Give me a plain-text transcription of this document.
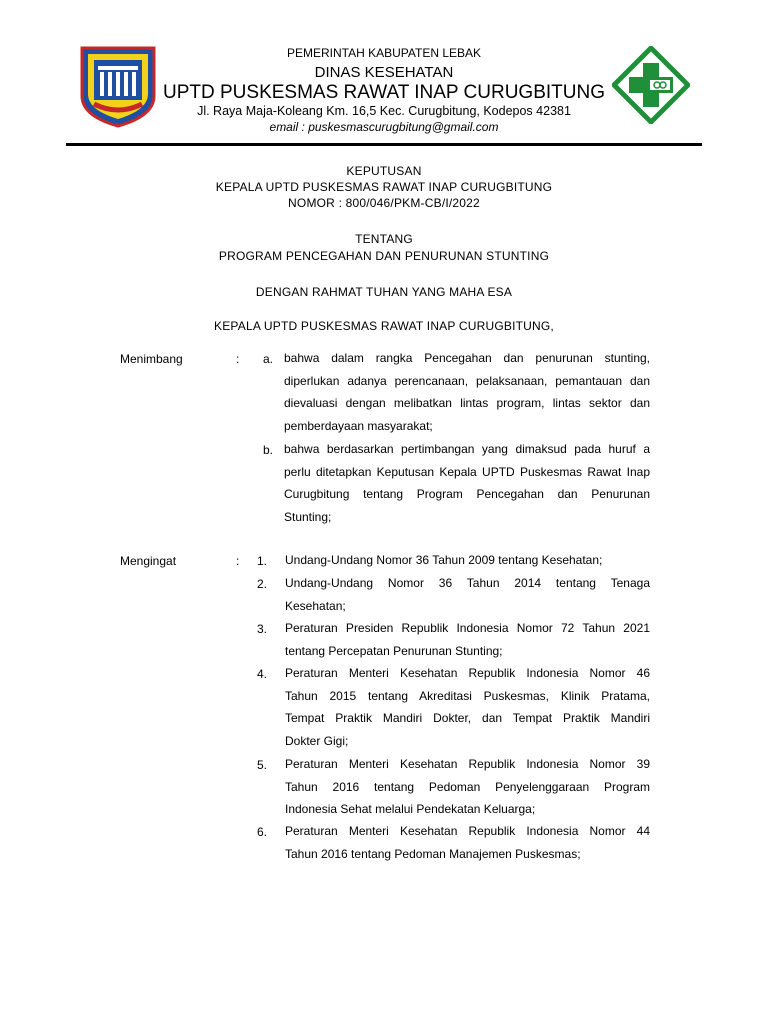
PEMERINTAH KABUPATEN LEBAK
DINAS KESEHATAN
UPTD PUSKESMAS RAWAT INAP CURUGBITUNG
Jl. Raya Maja-Koleang Km. 16,5 Kec. Curugbitung, Kodepos 42381
email : puskesmascurugbitung@gmail.com
KEPUTUSAN
KEPALA UPTD PUSKESMAS RAWAT INAP CURUGBITUNG
NOMOR : 800/046/PKM-CB/I/2022
TENTANG
PROGRAM PENCEGAHAN DAN PENURUNAN STUNTING
DENGAN RAHMAT TUHAN YANG MAHA ESA
KEPALA UPTD PUSKESMAS RAWAT INAP CURUGBITUNG,
Menimbang	: a. bahwa dalam rangka Pencegahan dan penurunan stunting,
diperlukan adanya perencanaan, pelaksanaan, pemantauan dan
dievaluasi dengan melibatkan lintas program, lintas sektor dan
pemberdayaan masyarakat;
b. bahwa berdasarkan pertimbangan yang dimaksud pada huruf a
perlu ditetapkan Keputusan Kepala UPTD Puskesmas Rawat Inap
Curugbitung tentang Program Pencegahan dan Penurunan
Stunting;
Mengingat	: 1. Undang-Undang Nomor 36 Tahun 2009 tentang Kesehatan;
2. Undang-Undang Nomor 36 Tahun 2014 tentang Tenaga
Kesehatan;
3. Peraturan Presiden Republik Indonesia Nomor 72 Tahun 2021
tentang Percepatan Penurunan Stunting;
4. Peraturan Menteri Kesehatan Republik Indonesia Nomor 46
Tahun 2015 tentang Akreditasi Puskesmas, Klinik Pratama,
Tempat Praktik Mandiri Dokter, dan Tempat Praktik Mandiri
Dokter Gigi;
5. Peraturan Menteri Kesehatan Republik Indonesia Nomor 39
Tahun 2016 tentang Pedoman Penyelenggaraan Program
Indonesia Sehat melalui Pendekatan Keluarga;
6. Peraturan Menteri Kesehatan Republik Indonesia Nomor 44
Tahun 2016 tentang Pedoman Manajemen Puskesmas;
